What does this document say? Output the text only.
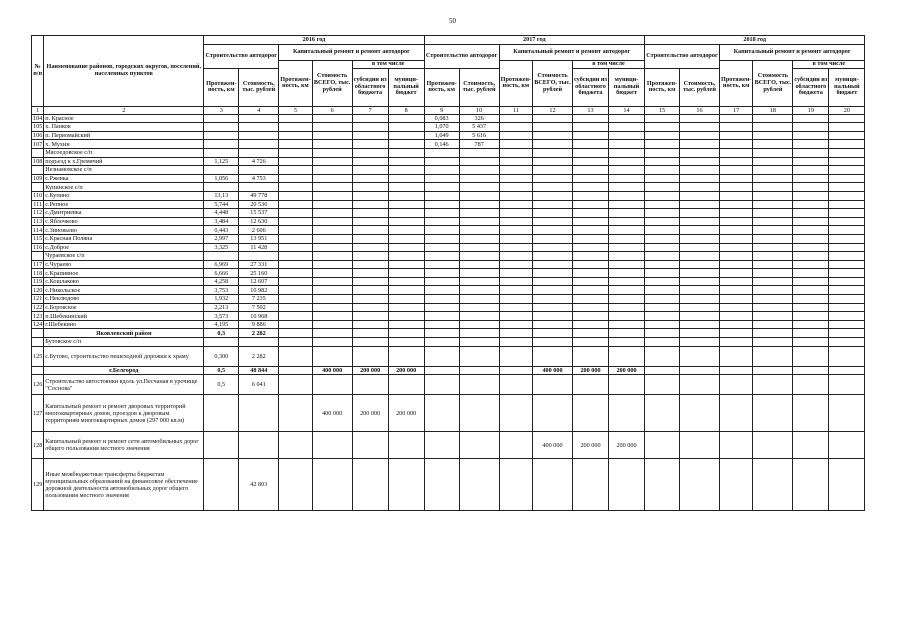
50
№ п/п	Наименование районов, городских округов, поселений, населенных пунктов	2016 год						2017 год						2018 год					
		Строительство автодорог		Капитальный ремонт и ремонт автодорог				Строительство автодорог		Капитальный ремонт и ремонт автодорог				Строительство автодорог		Капитальный ремонт и ремонт автодорог			
				Протяжен-ность, км	Стоимость ВСЕГО, тыс. рублей	в том числе				Протяжен-ность, км	Стоимость ВСЕГО, тыс. рублей	в том числе				Протяжен-ность, км	Стоимость ВСЕГО, тыс. рублей	в том числе	
		Протяжен-ность, км	Стоимость, тыс. рублей			субсидии из областного бюджета	муници-пальный бюджет	Протяжен-ность, км	Стоимость, тыс. рублей			субсидии из областного бюджета	муници-пальный бюджет	Протяжен-ность, км	Стоимость, тыс. рублей			субсидии из областного бюджета	муници-пальный бюджет
1	2	3	4	5	6	7	8	9	10	11	12	13	14	15	16	17	18	19	20
104	п. Красное							0,083	326										
105	х. Панков							1,070	5 437										
106	п. Первомайский							1,049	5 616										
107	х. Мухин							0,146	787										
	Мясоедовское с/п																		
108	подъезд к х.Гремячий	1,125	4 726																
	Незнамовское с/п																		
109	с.Ржевка	1,056	4 753																
	Купинское с/п																		
110	с.Купино	13,13	49 778																
111	с.Репное	5,744	20 536																
112	с.Дмитриевка	4,448	15 537																
113	с.Яблочково	3,484	12 630																
114	с.Зиновьево	0,443	2 606																
115	с.Красная Поляна	2,997	13 951																
116	с.Доброе	3,325	11 428																
	Чураевское с/п																		
117	с.Чураево	6,969	27 331																
118	с.Крапивное	6,666	25 160																
119	с.Кошлаково	4,258	12 607																
120	с.Никольское	3,753	10 982																
121	с.Неклюдово	1,932	7 235																
122	с.Боровское	2,213	7 502																
123	п.Шебекинский	3,573	10 968																
124	г.Шебекино	4,195	9 886																
	Яковлевский район	0,3	2 282																
	Бутовское с/п																		
125	с.Бутово, строительство пешеходной дорожки к храму	0,300	2 282																
	г.Белгород	0,5	48 844		400 000	200 000	200 000				400 000	200 000	200 000						
126	Строительство автостоянки вдоль ул.Песчаная в урочище "Соснова"	0,5	6 041																
127	Капитальный ремонт и ремонт дворовых территорий многоквартирных домов, проездов к дворовым территориям многоквартирных домов (297 000 кв.м)				400 000	200 000	200 000												
128	Капитальный ремонт и ремонт сети автомобильных дорог общего пользования местного значения										400 000	200 000	200 000						
129	Иные межбюджетные трансферты бюджетам муниципальных образований на финансовое обеспечение дорожной деятельности автомобильных дорог общего пользования местного значения		42 803																
